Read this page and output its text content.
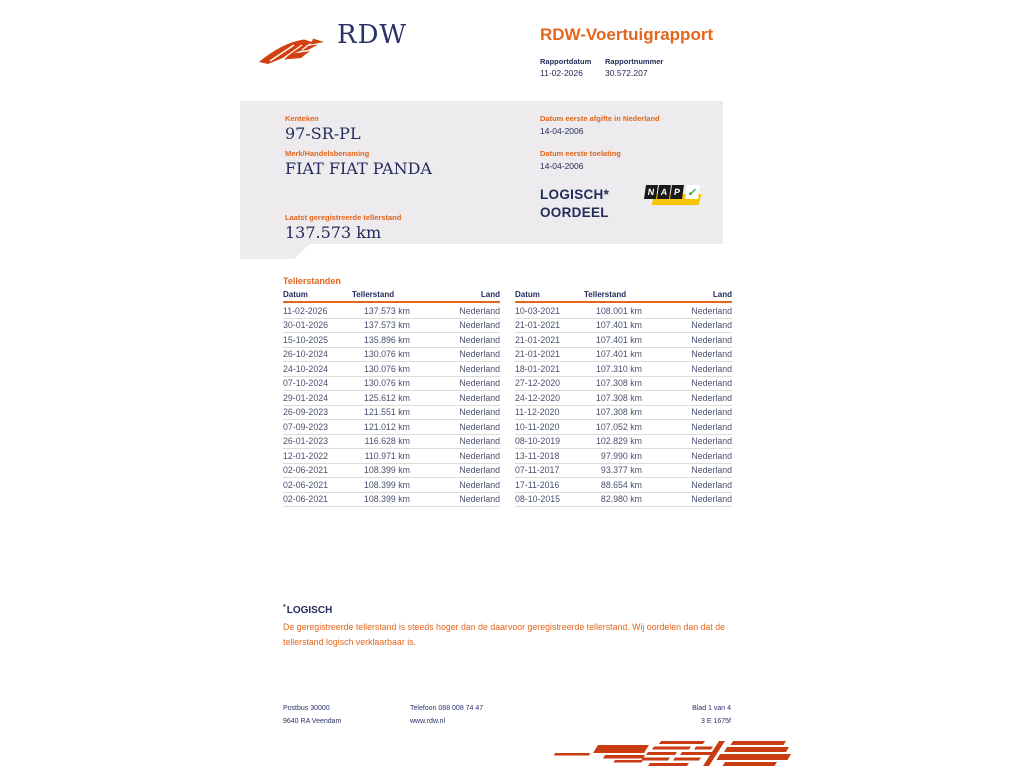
RDW	RDW-Voertuigrapport
Rapportdatum Rapportnummer
11-02-2026	30.572.207
Kenteken
97-SR-PL
Merk/Handelsbenaming
FIAT FIAT PANDA
Laatst geregistreerde tellerstand
137.573 km
Datum eerste afgifte in Nederland
14-04-2006
Datum eerste toelating
14-04-2006
LOGISCH*
OORDEEL
N A P ✓
Tellerstanden
Datum	Tellerstand	Land
11-02-2026	137.573 km	Nederland
30-01-2026	137.573 km	Nederland
15-10-2025	135.896 km	Nederland
26-10-2024	130.076 km	Nederland
24-10-2024	130.076 km	Nederland
07-10-2024	130.076 km	Nederland
29-01-2024	125.612 km	Nederland
26-09-2023	121.551 km	Nederland
07-09-2023	121.012 km	Nederland
26-01-2023	116.628 km	Nederland
12-01-2022	110.971 km	Nederland
02-06-2021	108.399 km	Nederland
02-06-2021	108.399 km	Nederland
02-06-2021	108.399 km	Nederland
Datum	Tellerstand	Land
10-03-2021	108.001 km	Nederland
21-01-2021	107.401 km	Nederland
21-01-2021	107.401 km	Nederland
21-01-2021	107.401 km	Nederland
18-01-2021	107.310 km	Nederland
27-12-2020	107.308 km	Nederland
24-12-2020	107.308 km	Nederland
11-12-2020	107.308 km	Nederland
10-11-2020	107.052 km	Nederland
08-10-2019	102.829 km	Nederland
13-11-2018	97.990 km	Nederland
07-11-2017	93.377 km	Nederland
17-11-2016	88.654 km	Nederland
08-10-2015	82.980 km	Nederland
*LOGISCH
De geregistreerde tellerstand is steeds hoger dan de daarvoor geregistreerde tellerstand. Wij oordelen dan dat de tellerstand logisch verklaarbaar is.
Postbus 30000
9640 RA Veendam
Telefoon 088 008 74 47
www.rdw.nl
Blad 1 van 4
3 E 1675f
